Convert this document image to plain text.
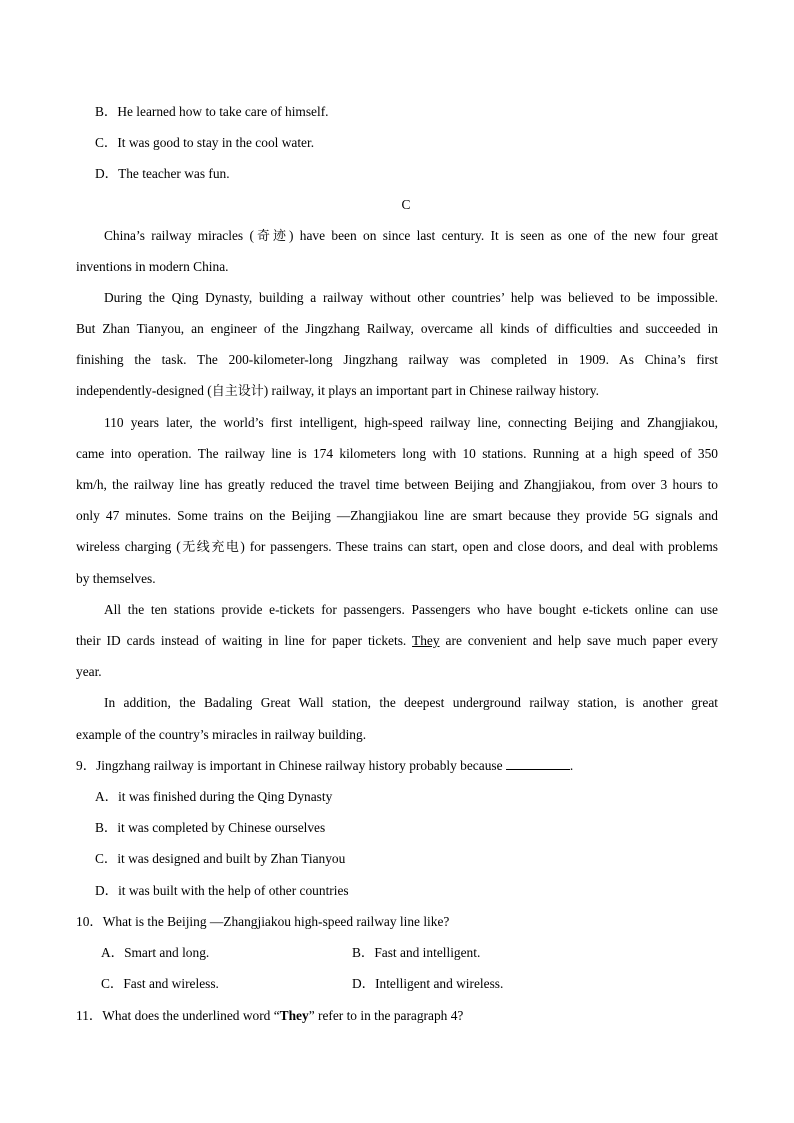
B．He learned how to take care of himself.
C．It was good to stay in the cool water.
D．The teacher was fun.
C
China’s railway miracles (奇迹) have been on since last century. It is seen as one of the new four great
inventions in modern China.
During the Qing Dynasty, building a railway without other countries’ help was believed to be impossible.
But Zhan Tianyou, an engineer of the Jingzhang Railway, overcame all kinds of difficulties and succeeded in
finishing the task. The 200-kilometer-long Jingzhang railway was completed in 1909. As China’s first
independently-designed (自主设计) railway, it plays an important part in Chinese railway history.
110 years later, the world’s first intelligent, high-speed railway line, connecting Beijing and Zhangjiakou,
came into operation. The railway line is 174 kilometers long with 10 stations. Running at a high speed of 350
km/h, the railway line has greatly reduced the travel time between Beijing and Zhangjiakou, from over 3 hours to
only 47 minutes. Some trains on the Beijing —Zhangjiakou line are smart because they provide 5G signals and
wireless charging (无线充电) for passengers. These trains can start, open and close doors, and deal with problems
by themselves.
All the ten stations provide e-tickets for passengers. Passengers who have bought e-tickets online can use
their ID cards instead of waiting in line for paper tickets. They are convenient and help save much paper every
year.
In addition, the Badaling Great Wall station, the deepest underground railway station, is another great
example of the country’s miracles in railway building.
9．Jingzhang railway is important in Chinese railway history probably because	.
A．it was finished during the Qing Dynasty
B．it was completed by Chinese ourselves
C．it was designed and built by Zhan Tianyou
D．it was built with the help of other countries
10．What is the Beijing —Zhangjiakou high-speed railway line like?
A．Smart and long.	B．Fast and intelligent.
C．Fast and wireless.	D．Intelligent and wireless.
11．What does the underlined word “They” refer to in the paragraph 4?
